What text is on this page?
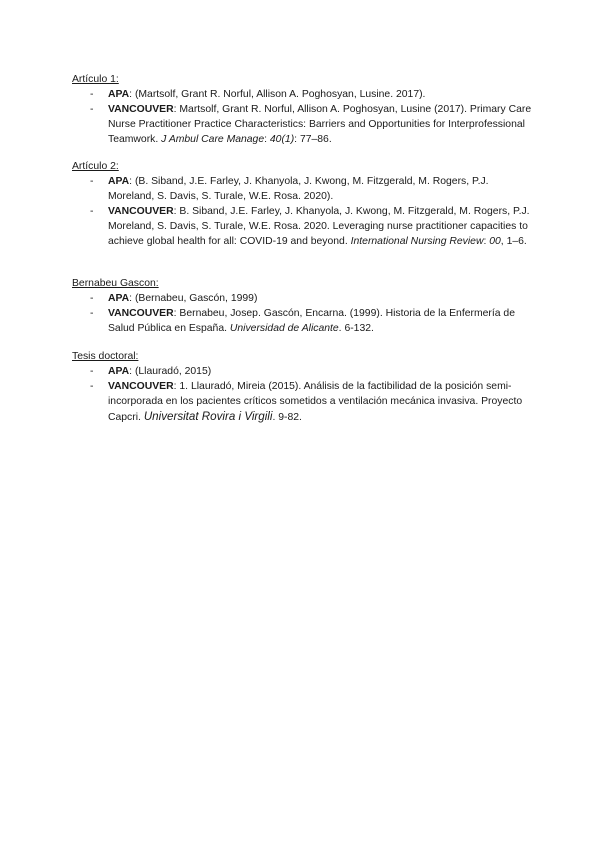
Artículo 1:

- APA: (Martsolf, Grant R. Norful, Allison A. Poghosyan, Lusine. 2017).

- VANCOUVER: Martsolf, Grant R. Norful, Allison A. Poghosyan, Lusine (2017). Primary Care Nurse Practitioner Practice Characteristics: Barriers and Opportunities for Interprofessional Teamwork. J Ambul Care Manage: 40(1): 77–86.

Artículo 2:

- APA: (B. Siband, J.E. Farley, J. Khanyola, J. Kwong, M. Fitzgerald, M. Rogers, P.J. Moreland, S. Davis, S. Turale, W.E. Rosa. 2020).

- VANCOUVER: B. Siband, J.E. Farley, J. Khanyola, J. Kwong, M. Fitzgerald, M. Rogers, P.J. Moreland, S. Davis, S. Turale, W.E. Rosa. 2020. Leveraging nurse practitioner capacities to achieve global health for all: COVID-19 and beyond. International Nursing Review: 00, 1–6.

Bernabeu Gascon:

- APA: (Bernabeu, Gascón, 1999)

- VANCOUVER: Bernabeu, Josep. Gascón, Encarna. (1999). Historia de la Enfermería de Salud Pública en España. Universidad de Alicante. 6-132.

Tesis doctoral:

- APA: (Llauradó, 2015)

- VANCOUVER: 1. Llauradó, Mireia (2015). Análisis de la factibilidad de la posición semi-incorporada en los pacientes críticos sometidos a ventilación mecánica invasiva. Proyecto Capcri. Universitat Rovira i Virgili. 9-82.
